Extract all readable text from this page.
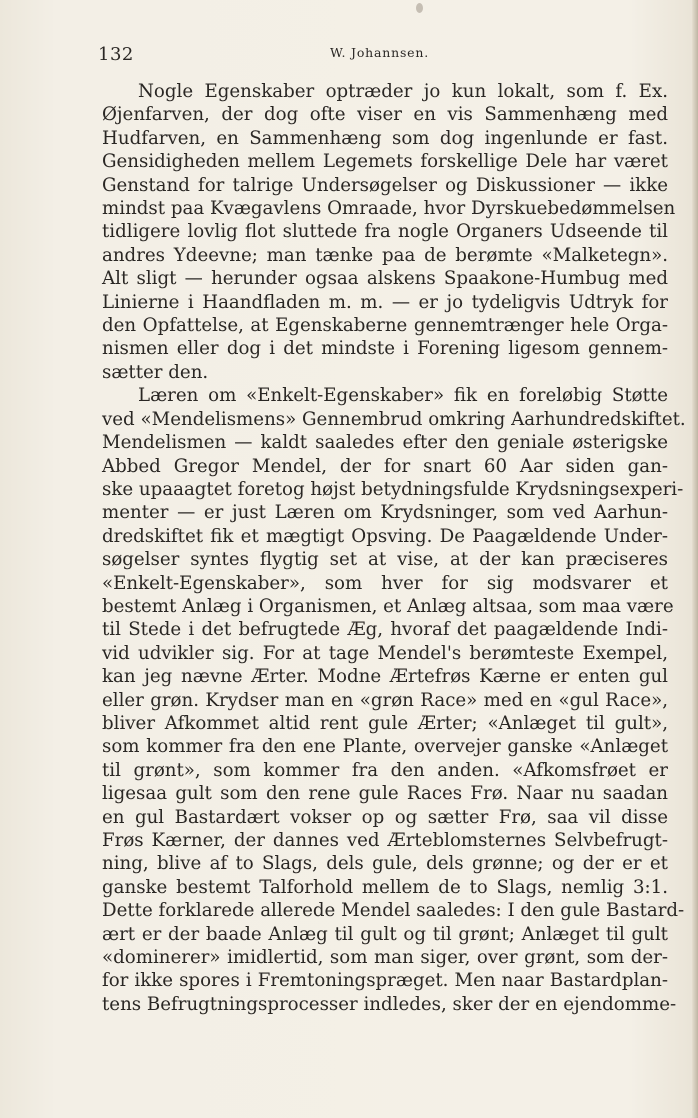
132	W. Johannsen.
Nogle Egenskaber optræder jo kun lokalt, som f. Ex.
Øjenfarven, der dog ofte viser en vis Sammenhæng med
Hudfarven, en Sammenhæng som dog ingenlunde er fast.
Gensidigheden mellem Legemets forskellige Dele har været
Genstand for talrige Undersøgelser og Diskussioner — ikke
mindst paa Kvægavlens Omraade, hvor Dyrskuebedømmelsen
tidligere lovlig flot sluttede fra nogle Organers Udseende til
andres Ydeevne; man tænke paa de berømte «Malketegn».
Alt sligt — herunder ogsaa alskens Spaakone-Humbug med
Linierne i Haandfladen m. m. — er jo tydeligvis Udtryk for
den Opfattelse, at Egenskaberne gennemtrænger hele Orga-
nismen eller dog i det mindste i Forening ligesom gennem-
sætter den.
Læren om «Enkelt-Egenskaber» fik en foreløbig Støtte
ved «Mendelismens» Gennembrud omkring Aarhundredskiftet.
Mendelismen — kaldt saaledes efter den geniale østerigske
Abbed Gregor Mendel, der for snart 60 Aar siden gan-
ske upaaagtet foretog højst betydningsfulde Krydsningsexperi-
menter — er just Læren om Krydsninger, som ved Aarhun-
dredskiftet fik et mægtigt Opsving. De Paagældende Under-
søgelser syntes flygtig set at vise, at der kan præciseres
«Enkelt-Egenskaber», som hver for sig modsvarer et
bestemt Anlæg i Organismen, et Anlæg altsaa, som maa være
til Stede i det befrugtede Æg, hvoraf det paagældende Indi-
vid udvikler sig. For at tage Mendel's berømteste Exempel,
kan jeg nævne Ærter. Modne Ærtefrøs Kærne er enten gul
eller grøn. Krydser man en «grøn Race» med en «gul Race»,
bliver Afkommet altid rent gule Ærter; «Anlæget til gult»,
som kommer fra den ene Plante, overvejer ganske «Anlæget
til grønt», som kommer fra den anden. «Afkomsfrøet er
ligesaa gult som den rene gule Races Frø. Naar nu saadan
en gul Bastardært vokser op og sætter Frø, saa vil disse
Frøs Kærner, der dannes ved Ærteblomsternes Selvbefrugt-
ning, blive af to Slags, dels gule, dels grønne; og der er et
ganske bestemt Talforhold mellem de to Slags, nemlig 3:1.
Dette forklarede allerede Mendel saaledes: I den gule Bastard-
ært er der baade Anlæg til gult og til grønt; Anlæget til gult
«dominerer» imidlertid, som man siger, over grønt, som der-
for ikke spores i Fremtoningspræget. Men naar Bastardplan-
tens Befrugtningsprocesser indledes, sker der en ejendomme-
